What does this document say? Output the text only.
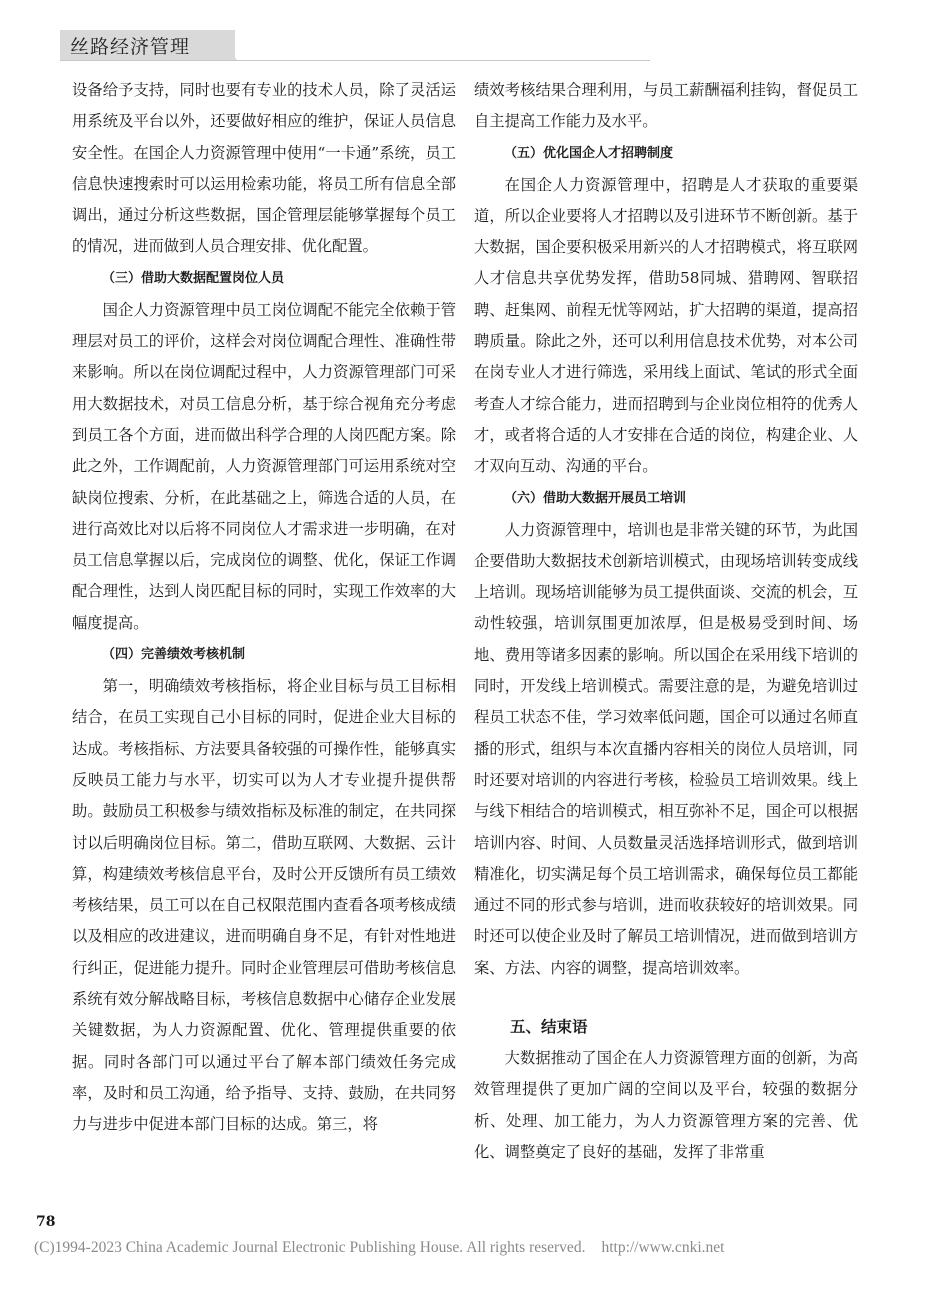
丝路经济管理

设备给予支持，同时也要有专业的技术人员，除了灵活运用系统及平台以外，还要做好相应的维护，保证人员信息安全性。在国企人力资源管理中使用“一卡通”系统，员工信息快速搜索时可以运用检索功能，将员工所有信息全部调出，通过分析这些数据，国企管理层能够掌握每个员工的情况，进而做到人员合理安排、优化配置。

（三）借助大数据配置岗位人员

国企人力资源管理中员工岗位调配不能完全依赖于管理层对员工的评价，这样会对岗位调配合理性、准确性带来影响。所以在岗位调配过程中，人力资源管理部门可采用大数据技术，对员工信息分析，基于综合视角充分考虑到员工各个方面，进而做出科学合理的人岗匹配方案。除此之外，工作调配前，人力资源管理部门可运用系统对空缺岗位搜索、分析，在此基础之上，筛选合适的人员，在进行高效比对以后将不同岗位人才需求进一步明确，在对员工信息掌握以后，完成岗位的调整、优化，保证工作调配合理性，达到人岗匹配目标的同时，实现工作效率的大幅度提高。

（四）完善绩效考核机制

第一，明确绩效考核指标，将企业目标与员工目标相结合，在员工实现自己小目标的同时，促进企业大目标的达成。考核指标、方法要具备较强的可操作性，能够真实反映员工能力与水平，切实可以为人才专业提升提供帮助。鼓励员工积极参与绩效指标及标准的制定，在共同探讨以后明确岗位目标。第二，借助互联网、大数据、云计算，构建绩效考核信息平台，及时公开反馈所有员工绩效考核结果，员工可以在自己权限范围内查看各项考核成绩以及相应的改进建议，进而明确自身不足，有针对性地进行纠正，促进能力提升。同时企业管理层可借助考核信息系统有效分解战略目标，考核信息数据中心储存企业发展关键数据，为人力资源配置、优化、管理提供重要的依据。同时各部门可以通过平台了解本部门绩效任务完成率，及时和员工沟通，给予指导、支持、鼓励，在共同努力与进步中促进本部门目标的达成。第三，将

绩效考核结果合理利用，与员工薪酬福利挂钩，督促员工自主提高工作能力及水平。

（五）优化国企人才招聘制度

在国企人力资源管理中，招聘是人才获取的重要渠道，所以企业要将人才招聘以及引进环节不断创新。基于大数据，国企要积极采用新兴的人才招聘模式，将互联网人才信息共享优势发挥，借助58同城、猎聘网、智联招聘、赶集网、前程无忧等网站，扩大招聘的渠道，提高招聘质量。除此之外，还可以利用信息技术优势，对本公司在岗专业人才进行筛选，采用线上面试、笔试的形式全面考查人才综合能力，进而招聘到与企业岗位相符的优秀人才，或者将合适的人才安排在合适的岗位，构建企业、人才双向互动、沟通的平台。

（六）借助大数据开展员工培训

人力资源管理中，培训也是非常关键的环节，为此国企要借助大数据技术创新培训模式，由现场培训转变成线上培训。现场培训能够为员工提供面谈、交流的机会，互动性较强，培训氛围更加浓厚，但是极易受到时间、场地、费用等诸多因素的影响。所以国企在采用线下培训的同时，开发线上培训模式。需要注意的是，为避免培训过程员工状态不佳，学习效率低问题，国企可以通过名师直播的形式，组织与本次直播内容相关的岗位人员培训，同时还要对培训的内容进行考核，检验员工培训效果。线上与线下相结合的培训模式，相互弥补不足，国企可以根据培训内容、时间、人员数量灵活选择培训形式，做到培训精准化，切实满足每个员工培训需求，确保每位员工都能通过不同的形式参与培训，进而收获较好的培训效果。同时还可以使企业及时了解员工培训情况，进而做到培训方案、方法、内容的调整，提高培训效率。

五、结束语

大数据推动了国企在人力资源管理方面的创新，为高效管理提供了更加广阔的空间以及平台，较强的数据分析、处理、加工能力，为人力资源管理方案的完善、优化、调整奠定了良好的基础，发挥了非常重

78
(C)1994-2023 China Academic Journal Electronic Publishing House. All rights reserved. http://www.cnki.net
